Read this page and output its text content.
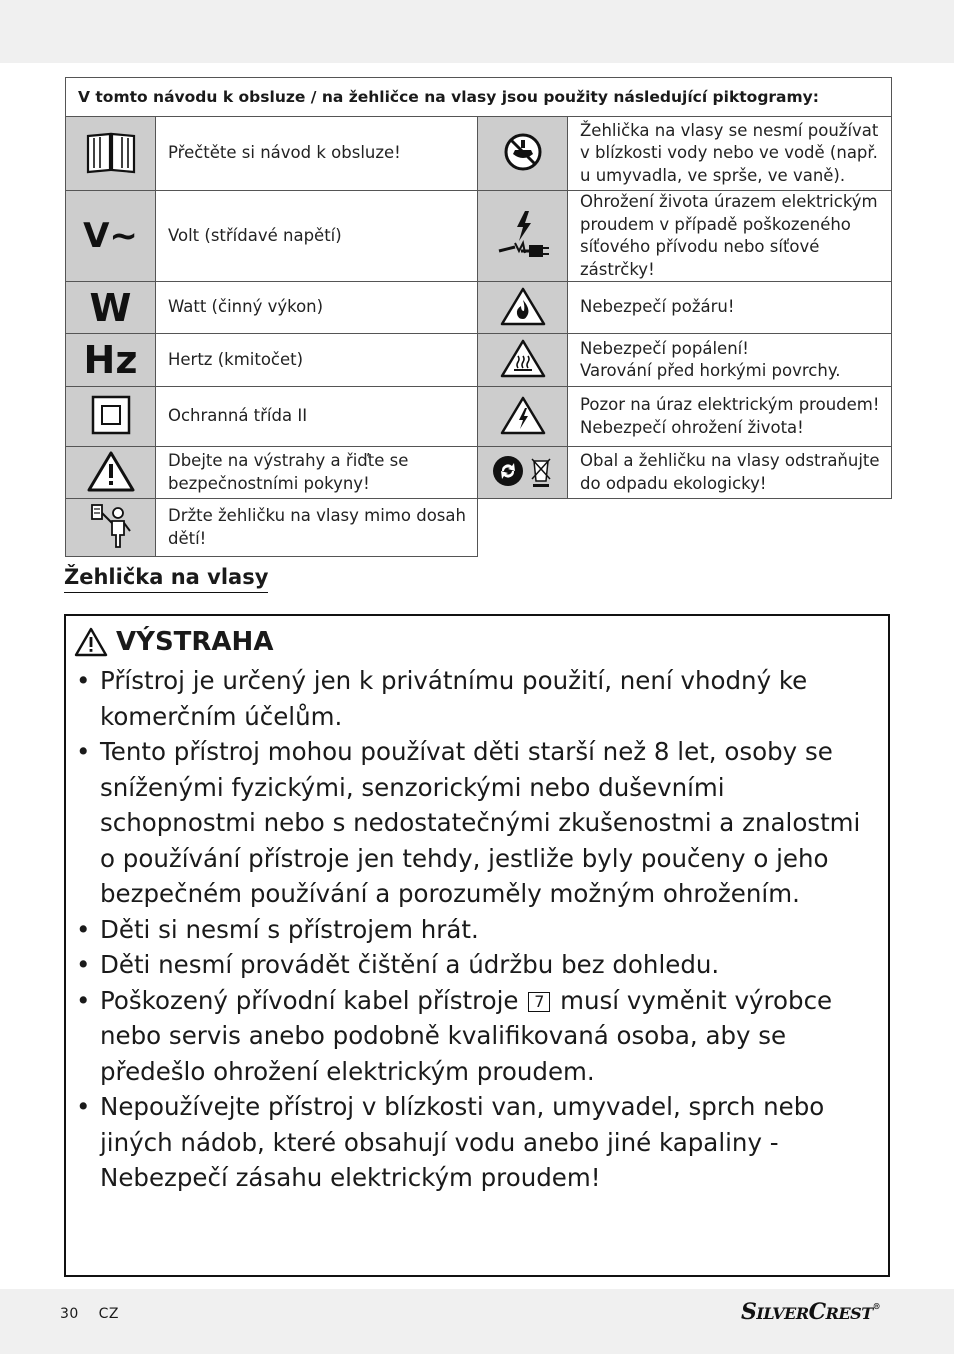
V tomto návodu k obsluze / na žehličce na vlasy jsou použity následující piktogramy:			
	Přečtěte si návod k obsluze!		Žehlička na vlasy se nesmí používat v blízkosti vody nebo ve vodě (např. u umyvadla, ve sprše, ve vaně).
V~	Volt (střídavé napětí)		Ohrožení života úrazem elektrickým proudem v případě poškozeného síťového přívodu nebo síťové zástrčky!
W	Watt (činný výkon)		Nebezpečí požáru!
Hz	Hertz (kmitočet)		Nebezpečí popálení!
Varování před horkými povrchy.

	Ochranná třída II		Pozor na úraz elektrickým proudem!
Nebezpečí ohrožení života!

	Dbejte na výstrahy a řiďte se bezpečnostními pokyny!		Obal a žehličku na vlasy odstraňujte do odpadu ekologicky!
	Držte žehličku na vlasy mimo dosah dětí!		
Žehlička na vlasy
VÝSTRAHA
• Přístroj je určený jen k privátnímu použití, není vhodný ke komerčním účelům.
• Tento přístroj mohou používat děti starší než 8 let, osoby se sníženými fyzickými, senzorickými nebo duševními schopnostmi nebo s nedostatečnými zkušenostmi a znalostmi o používání přístroje jen tehdy, jestliže byly poučeny o jeho bezpečném používání a porozuměly možným ohrožením.
• Děti si nesmí s přístrojem hrát.
• Děti nesmí provádět čištění a údržbu bez dohledu.
• Poškozený přívodní kabel přístroje 7 musí vyměnit výrobce nebo servis anebo podobně kvalifikovaná osoba, aby se předešlo ohrožení elektrickým proudem.
• Nepoužívejte přístroj v blízkosti van, umyvadel, sprch nebo jiných nádob, které obsahují vodu anebo jiné kapaliny - Nebezpečí zásahu elektrickým proudem!
30 CZ	SILVERCREST®
